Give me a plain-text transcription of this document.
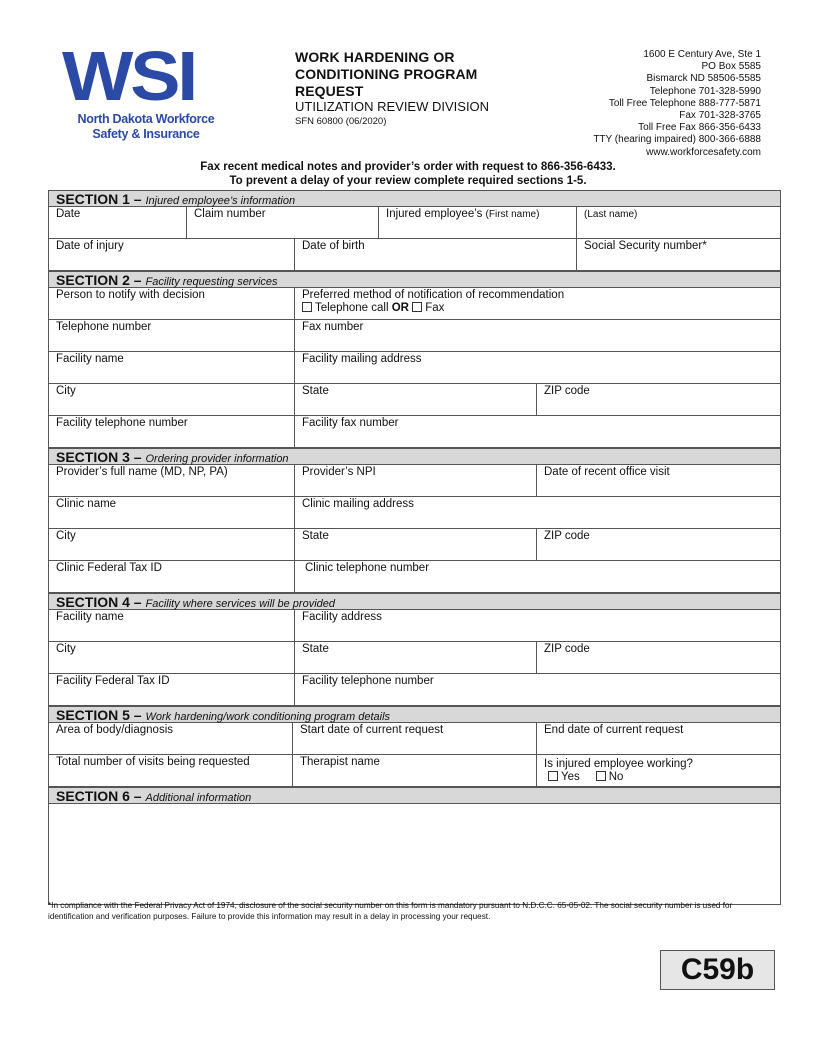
WSI
North Dakota Workforce
Safety & Insurance
WORK HARDENING OR
CONDITIONING PROGRAM
REQUEST
UTILIZATION REVIEW DIVISION
SFN 60800 (06/2020)
1600 E Century Ave, Ste 1
PO Box 5585
Bismarck ND 58506-5585
Telephone 701-328-5990
Toll Free Telephone 888-777-5871
Fax 701-328-3765
Toll Free Fax 866-356-6433
TTY (hearing impaired) 800-366-6888
www.workforcesafety.com
Fax recent medical notes and provider’s order with request to 866-356-6433.
To prevent a delay of your review complete required sections 1-5.
SECTION 1 – Injured employee’s information
Date	Claim number	Injured employee’s (First name)	(Last name)
Date of injury	Date of birth	Social Security number*
SECTION 2 – Facility requesting services
Person to notify with decision	Preferred method of notification of recommendation
Telephone call OR Fax
Telephone number	Fax number
Facility name	Facility mailing address
City	State	ZIP code
Facility telephone number	Facility fax number
SECTION 3 – Ordering provider information
Provider’s full name (MD, NP, PA)	Provider’s NPI	Date of recent office visit
Clinic name	Clinic mailing address
City	State	ZIP code
Clinic Federal Tax ID	Clinic telephone number
SECTION 4 – Facility where services will be provided
Facility name	Facility address
City	State	ZIP code
Facility Federal Tax ID	Facility telephone number
SECTION 5 – Work hardening/work conditioning program details
Area of body/diagnosis	Start date of current request	End date of current request
Total number of visits being requested	Therapist name	Is injured employee working?
Yes	No
SECTION 6 – Additional information
*In compliance with the Federal Privacy Act of 1974, disclosure of the social security number on this form is mandatory pursuant to N.D.C.C. 65-05-02. The social security number is used for identification and verification purposes. Failure to provide this information may result in a delay in processing your request.
C59b
